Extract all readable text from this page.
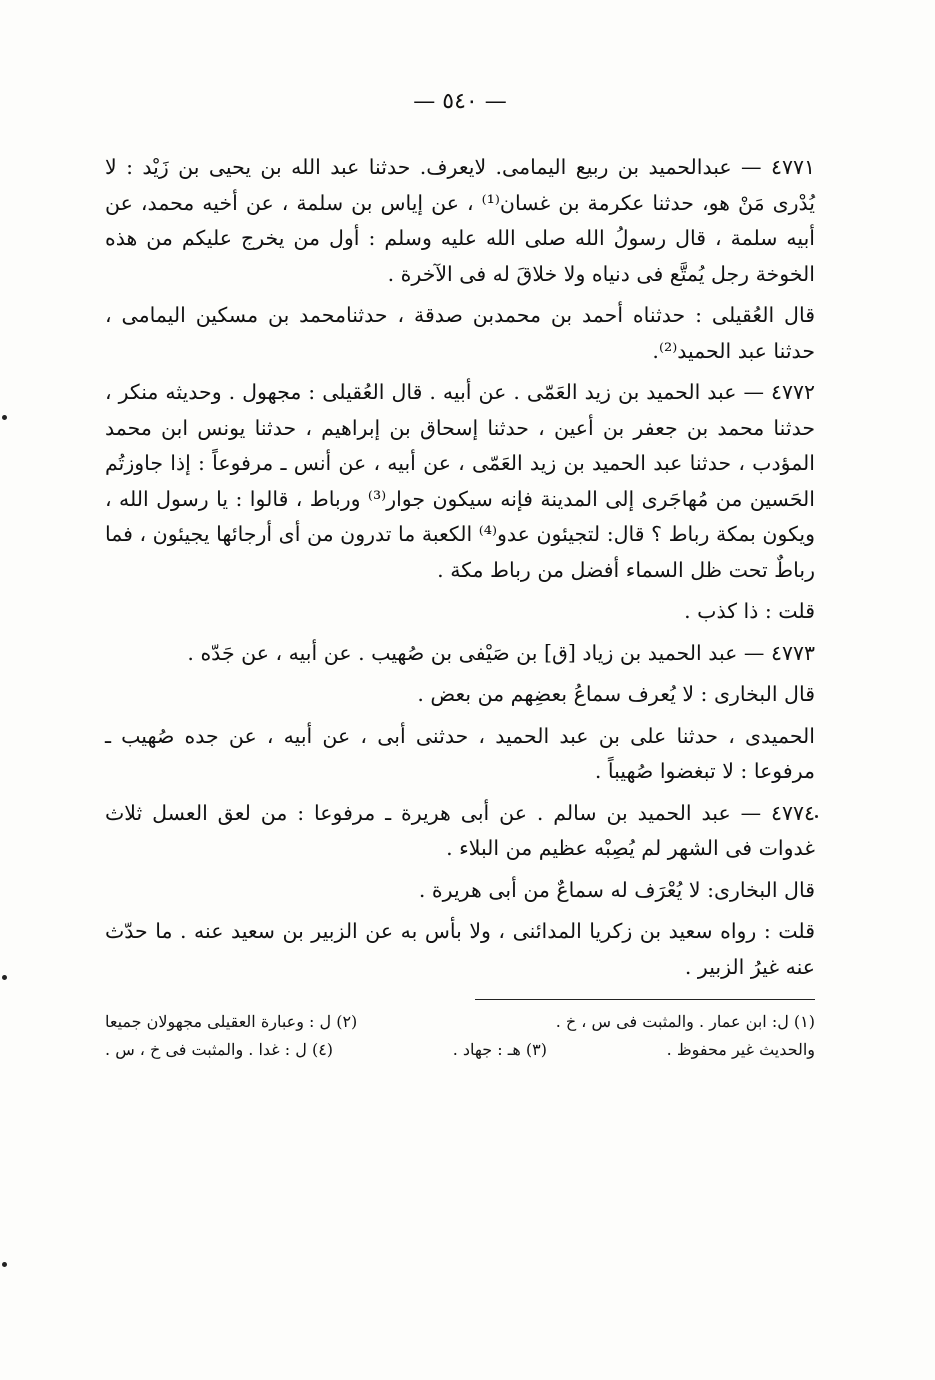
— ٥٤٠ —

٤٧٧١ — عبدالحميد بن ربيع اليمامى. لايعرف. حدثنا عبد الله بن يحيى بن زَيْد : لا يُدْرى مَنْ هو، حدثنا عكرمة بن غسان⁽¹⁾ ، عن إياس بن سلمة ، عن أخيه محمد، عن أبيه سلمة ، قال رسولُ الله صلى الله عليه وسلم : أول من يخرج عليكم من هذه الخوخة رجل يُمتَّع فى دنياه ولا خلاقَ له فى الآخرة .

قال العُقيلى : حدثناه أحمد بن محمدبن صدقة ، حدثنامحمد بن مسكين اليمامى ، حدثنا عبد الحميد⁽²⁾.

٤٧٧٢ — عبد الحميد بن زيد العَمّى . عن أبيه . قال العُقيلى : مجهول . وحديثه منكر ، حدثنا محمد بن جعفر بن أعين ، حدثنا إسحاق بن إبراهيم ، حدثنا يونس ابن محمد المؤدب ، حدثنا عبد الحميد بن زيد العَمّى ، عن أبيه ، عن أنس ـ مرفوعاً : إذا جاوزتُم الحَسين من مُهاجَرى إلى المدينة فإنه سيكون جوار⁽³⁾ ورباط ، قالوا : يا رسول الله ، ويكون بمكة رباط ؟ قال: لتجيئون عدو⁽⁴⁾ الكعبة ما تدرون من أى أرجائها يجيئون ، فما رباطٌ تحت ظل السماء أفضل من رباط مكة .

قلت : ذا كذب .

٤٧٧٣ — عبد الحميد بن زياد [ق] بن صَيْفى بن صُهيب . عن أبيه ، عن جَدّه .

قال البخارى : لا يُعرف سماعُ بعضِهم من بعض .

الحميدى ، حدثنا على بن عبد الحميد ، حدثنى أبى ، عن أبيه ، عن جده صُهيب ـ مرفوعا : لا تبغضوا صُهيباً .

٤٧٧٤ — عبد الحميد بن سالم . عن أبى هريرة ـ مرفوعا : من لعق العسل ثلاث غدوات فى الشهر لم يُصِبْه عظيم من البلاء .

قال البخارى: لا يُعْرَف له سماعٌ من أبى هريرة .

قلت : رواه سعيد بن زكريا المدائنى ، ولا بأس به عن الزبير بن سعيد عنه . ما حدّث عنه غيرُ الزبير .

(١) ل: ابن عمار . والمثبت فى س ، خ .
(٢) ل : وعبارة العقيلى مجهولان جميعا
والحديث غير محفوظ .
(٣) هـ : جهاد .
(٤) ل : غدا . والمثبت فى خ ، س .
